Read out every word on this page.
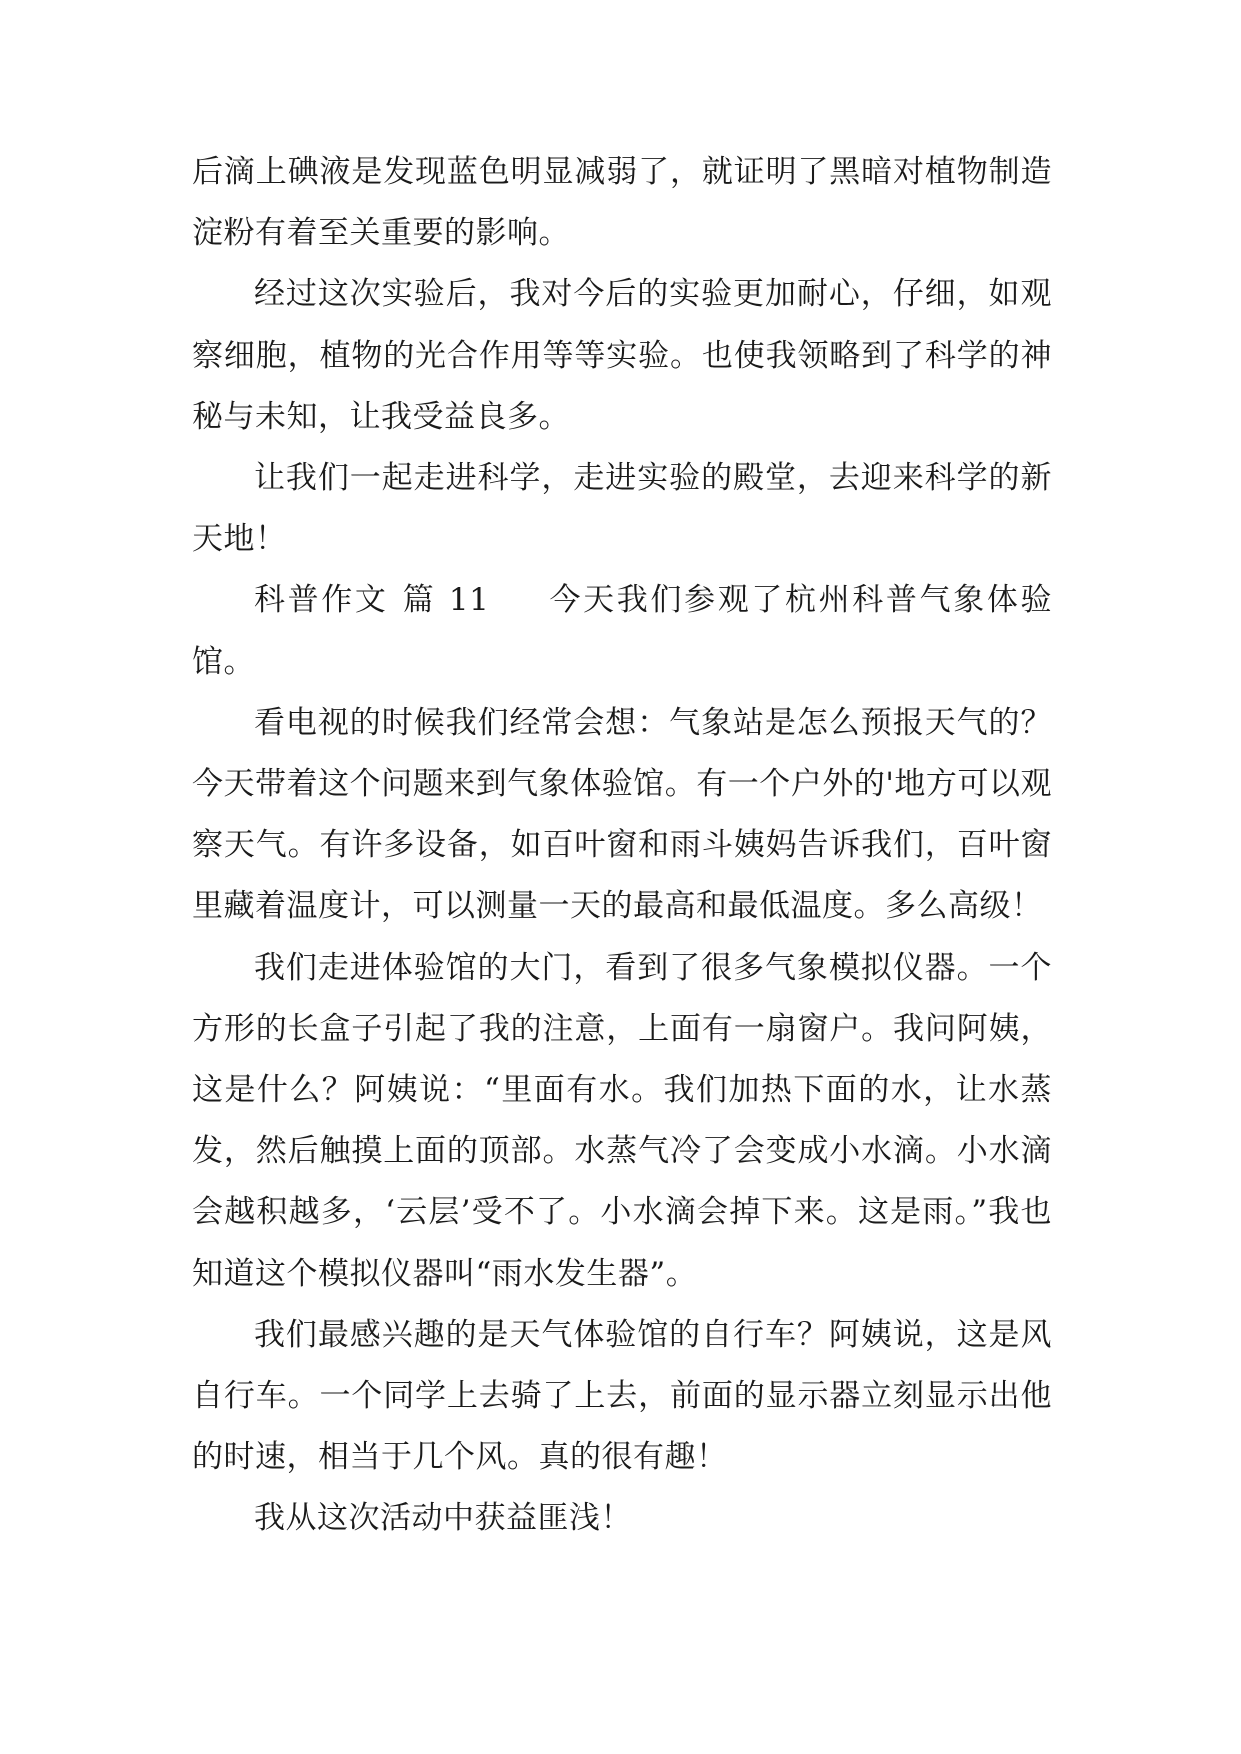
后滴上碘液是发现蓝色明显减弱了，就证明了黑暗对植物制造淀粉有着至关重要的影响。

经过这次实验后，我对今后的实验更加耐心，仔细，如观察细胞，植物的光合作用等等实验。也使我领略到了科学的神秘与未知，让我受益良多。

让我们一起走进科学，走进实验的殿堂，去迎来科学的新天地！

科普作文 篇 11 今天我们参观了杭州科普气象体验馆。

看电视的时候我们经常会想：气象站是怎么预报天气的？今天带着这个问题来到气象体验馆。有一个户外的'地方可以观察天气。有许多设备，如百叶窗和雨斗姨妈告诉我们，百叶窗里藏着温度计，可以测量一天的最高和最低温度。多么高级！

我们走进体验馆的大门，看到了很多气象模拟仪器。一个方形的长盒子引起了我的注意，上面有一扇窗户。我问阿姨，这是什么？阿姨说：“里面有水。我们加热下面的水，让水蒸发，然后触摸上面的顶部。水蒸气冷了会变成小水滴。小水滴会越积越多，‘云层’受不了。小水滴会掉下来。这是雨。”我也知道这个模拟仪器叫“雨水发生器”。

我们最感兴趣的是天气体验馆的自行车？阿姨说，这是风自行车。一个同学上去骑了上去，前面的显示器立刻显示出他的时速，相当于几个风。真的很有趣！

我从这次活动中获益匪浅！
